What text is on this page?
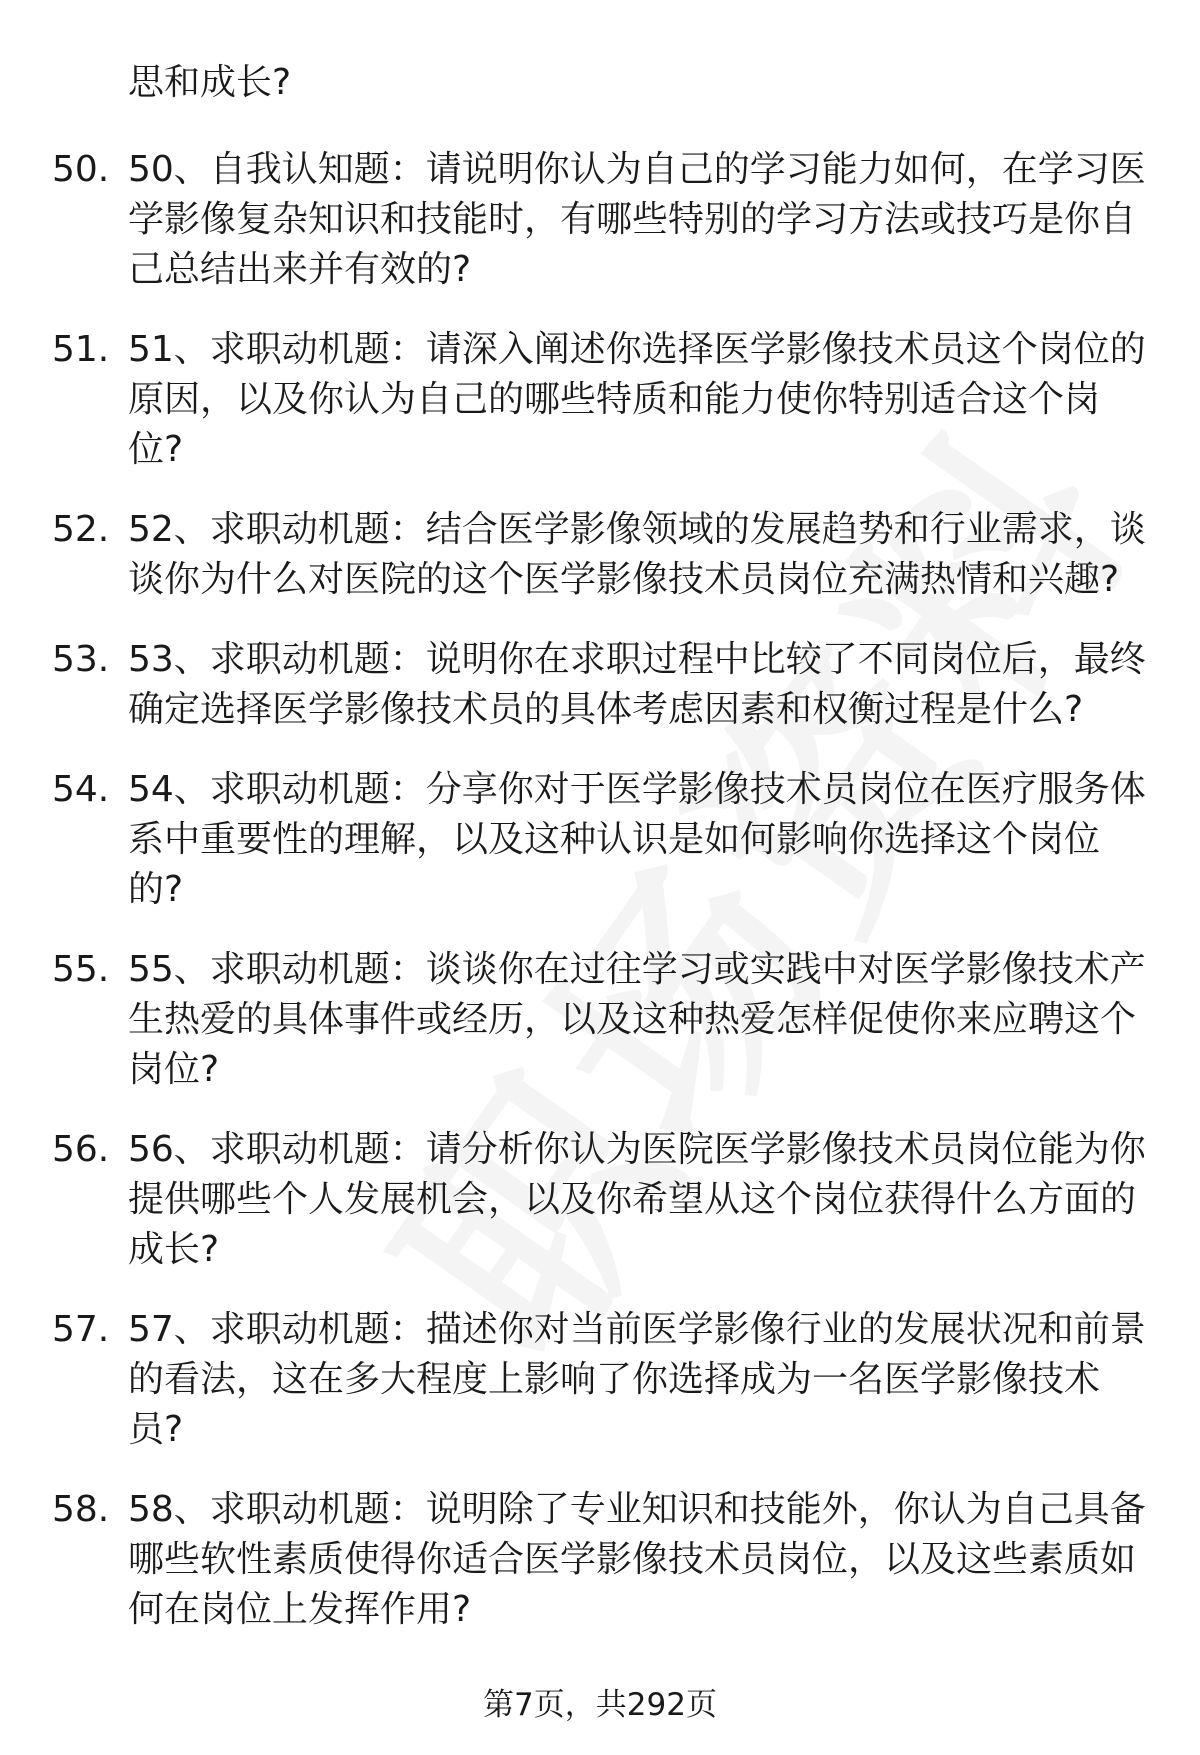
思和成长?
50. 50、自我认知题：请说明你认为自己的学习能力如何，在学习医学影像复杂知识和技能时，有哪些特别的学习方法或技巧是你自己总结出来并有效的?
51. 51、求职动机题：请深入阐述你选择医学影像技术员这个岗位的原因，以及你认为自己的哪些特质和能力使你特别适合这个岗位?
52. 52、求职动机题：结合医学影像领域的发展趋势和行业需求，谈谈你为什么对医院的这个医学影像技术员岗位充满热情和兴趣?
53. 53、求职动机题：说明你在求职过程中比较了不同岗位后，最终确定选择医学影像技术员的具体考虑因素和权衡过程是什么?
54. 54、求职动机题：分享你对于医学影像技术员岗位在医疗服务体系中重要性的理解，以及这种认识是如何影响你选择这个岗位的?
55. 55、求职动机题：谈谈你在过往学习或实践中对医学影像技术产生热爱的具体事件或经历，以及这种热爱怎样促使你来应聘这个岗位?
56. 56、求职动机题：请分析你认为医院医学影像技术员岗位能为你提供哪些个人发展机会，以及你希望从这个岗位获得什么方面的成长?
57. 57、求职动机题：描述你对当前医学影像行业的发展状况和前景的看法，这在多大程度上影响了你选择成为一名医学影像技术员?
58. 58、求职动机题：说明除了专业知识和技能外，你认为自己具备哪些软性素质使得你适合医学影像技术员岗位，以及这些素质如何在岗位上发挥作用?
第7页，共292页
